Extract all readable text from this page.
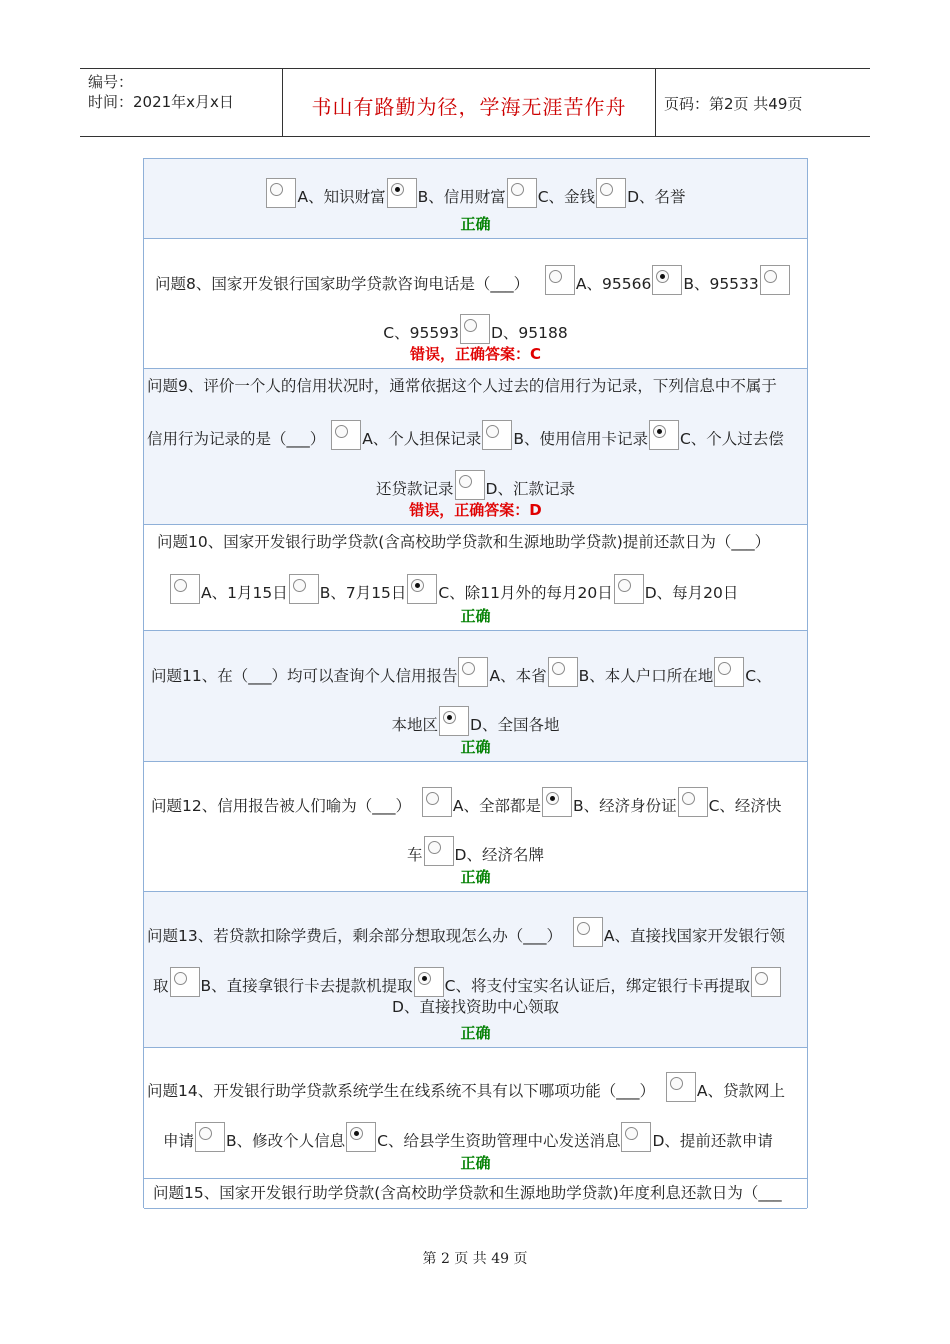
编号：
时间：2021年x月x日	书山有路勤为径，学海无涯苦作舟	页码：第2页 共49页
A、知识财富 B、信用财富 C、金钱 D、名誉
正确
问题8、国家开发银行国家助学贷款咨询电话是（___）	A、95566 B、95533
C、95593 D、95188
错误，正确答案：C
问题9、评价一个人的信用状况时，通常依据这个人过去的信用行为记录，下列信息中不属于
信用行为记录的是（___） A、个人担保记录 B、使用信用卡记录 C、个人过去偿
还贷款记录 D、汇款记录
错误，正确答案：D
问题10、国家开发银行助学贷款(含高校助学贷款和生源地助学贷款)提前还款日为（___）
A、1月15日 B、7月15日 C、除11月外的每月20日 D、每月20日
正确
问题11、在（___）均可以查询个人信用报告 A、本省 B、本人户口所在地 C、
本地区 D、全国各地
正确
问题12、信用报告被人们喻为（___）	A、全部都是 B、经济身份证 C、经济快
车 D、经济名牌
正确
问题13、若贷款扣除学费后，剩余部分想取现怎么办（___）	A、直接找国家开发银行领
取 B、直接拿银行卡去提款机提取 C、将支付宝实名认证后，绑定银行卡再提取
D、直接找资助中心领取
正确
问题14、开发银行助学贷款系统学生在线系统不具有以下哪项功能（___）	A、贷款网上
申请 B、修改个人信息 C、给县学生资助管理中心发送消息 D、提前还款申请
正确
问题15、国家开发银行助学贷款(含高校助学贷款和生源地助学贷款)年度利息还款日为（___
第 2 页 共 49 页
